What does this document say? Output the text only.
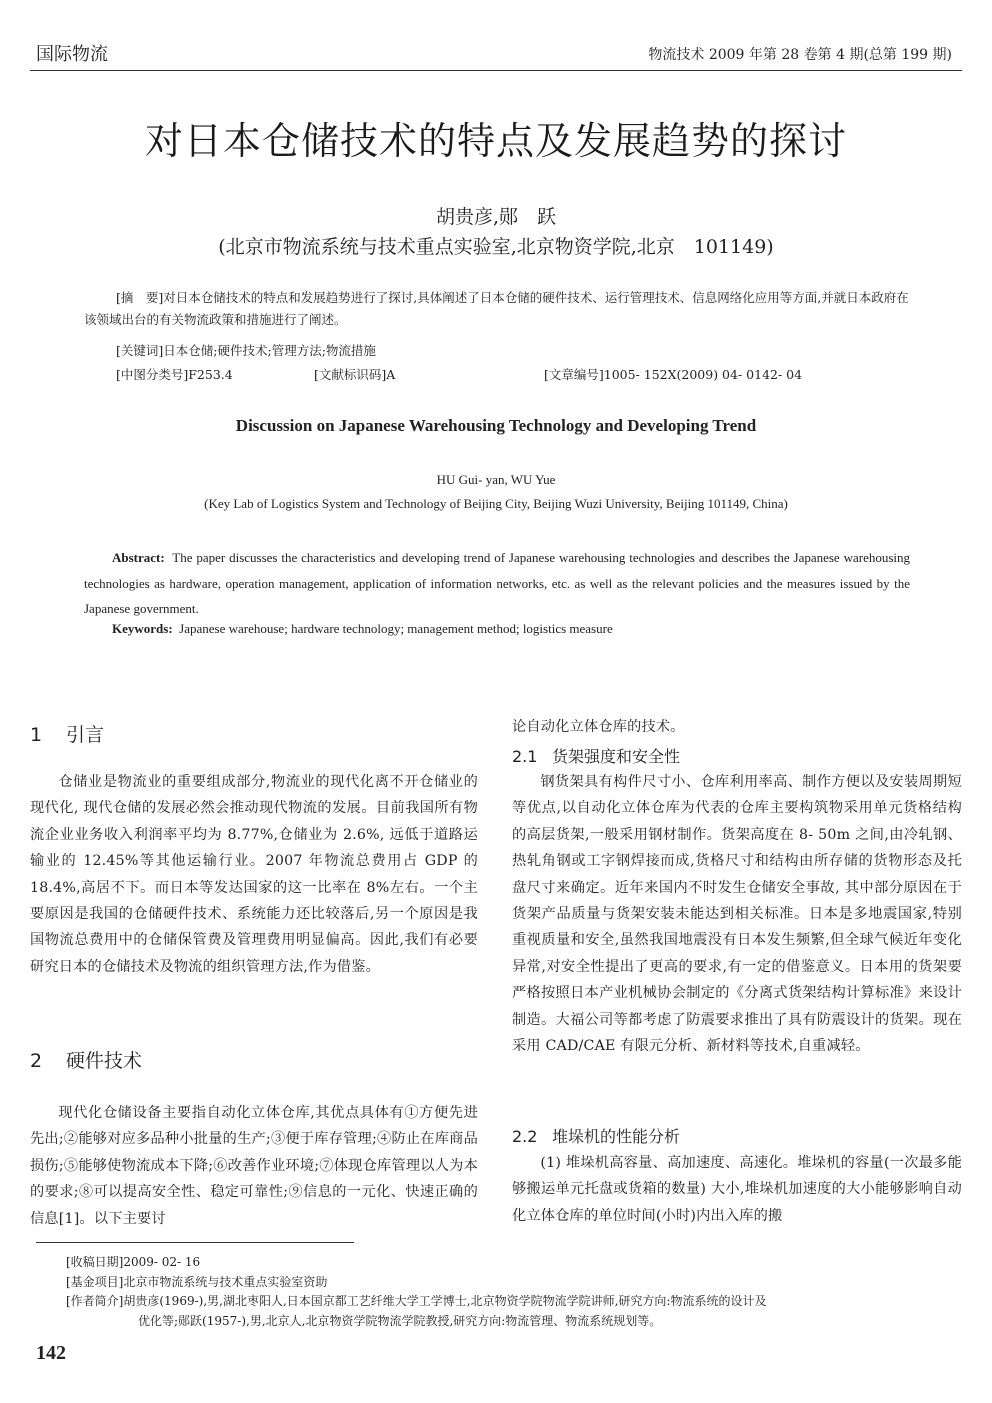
国际物流	物流技术 2009 年第 28 卷第 4 期(总第 199 期)
对日本仓储技术的特点及发展趋势的探讨
胡贵彦,郧　跃
(北京市物流系统与技术重点实验室,北京物资学院,北京　101149)
[摘　要]对日本仓储技术的特点和发展趋势进行了探讨,具体阐述了日本仓储的硬件技术、运行管理技术、信息网络化应用等方面,并就日本政府在该领域出台的有关物流政策和措施进行了阐述。
[关键词]日本仓储;硬件技术;管理方法;物流措施
[中图分类号]F253.4	[文献标识码]A	[文章编号]1005- 152X(2009) 04- 0142- 04
Discussion on Japanese Warehousing Technology and Developing Trend
HU Gui- yan, WU Yue
(Key Lab of Logistics System and Technology of Beijing City, Beijing Wuzi University, Beijing 101149, China)
Abstract: The paper discusses the characteristics and developing trend of Japanese warehousing technologies and describes the Japanese warehousing technologies as hardware, operation management, application of information networks, etc. as well as the relevant policies and the measures issued by the Japanese government.
Keywords: Japanese warehouse; hardware technology; management method; logistics measure
1 引言

仓储业是物流业的重要组成部分,物流业的现代化离不开仓储业的现代化, 现代仓储的发展必然会推动现代物流的发展。目前我国所有物流企业业务收入利润率平均为 8.77%,仓储业为 2.6%, 远低于道路运输业的 12.45%等其他运输行业。2007 年物流总费用占 GDP 的 18.4%,高居不下。而日本等发达国家的这一比率在 8%左右。一个主要原因是我国的仓储硬件技术、系统能力还比较落后,另一个原因是我国物流总费用中的仓储保管费及管理费用明显偏高。因此,我们有必要研究日本的仓储技术及物流的组织管理方法,作为借鉴。

2 硬件技术

现代化仓储设备主要指自动化立体仓库,其优点具体有①方便先进先出;②能够对应多品种小批量的生产;③便于库存管理;④防止在库商品损伤;⑤能够使物流成本下降;⑥改善作业环境;⑦体现仓库管理以人为本的要求;⑧可以提高安全性、稳定可靠性;⑨信息的一元化、快速正确的信息[1]。以下主要讨

论自动化立体仓库的技术。

2.1 货架强度和安全性

钢货架具有构件尺寸小、仓库利用率高、制作方便以及安装周期短等优点,以自动化立体仓库为代表的仓库主要构筑物采用单元货格结构的高层货架,一般采用钢材制作。货架高度在 8- 50m 之间,由冷轧钢、热轧角钢或工字钢焊接而成,货格尺寸和结构由所存储的货物形态及托盘尺寸来确定。近年来国内不时发生仓储安全事故, 其中部分原因在于货架产品质量与货架安装未能达到相关标准。日本是多地震国家,特别重视质量和安全,虽然我国地震没有日本发生频繁,但全球气候近年变化异常,对安全性提出了更高的要求,有一定的借鉴意义。日本用的货架要严格按照日本产业机械协会制定的《分离式货架结构计算标准》来设计制造。大福公司等都考虑了防震要求推出了具有防震设计的货架。现在采用 CAD/CAE 有限元分析、新材料等技术,自重减轻。

2.2 堆垛机的性能分析

(1) 堆垛机高容量、高加速度、高速化。堆垛机的容量(一次最多能够搬运单元托盘或货箱的数量) 大小,堆垛机加速度的大小能够影响自动化立体仓库的单位时间(小时)内出入库的搬

[收稿日期]2009- 02- 16
[基金项目]北京市物流系统与技术重点实验室资助
[作者简介]胡贵彦(1969-),男,湖北枣阳人,日本国京都工艺纤维大学工学博士,北京物资学院物流学院讲师,研究方向:物流系统的设计及
优化等;郧跃(1957-),男,北京人,北京物资学院物流学院教授,研究方向:物流管理、物流系统规划等。
142
